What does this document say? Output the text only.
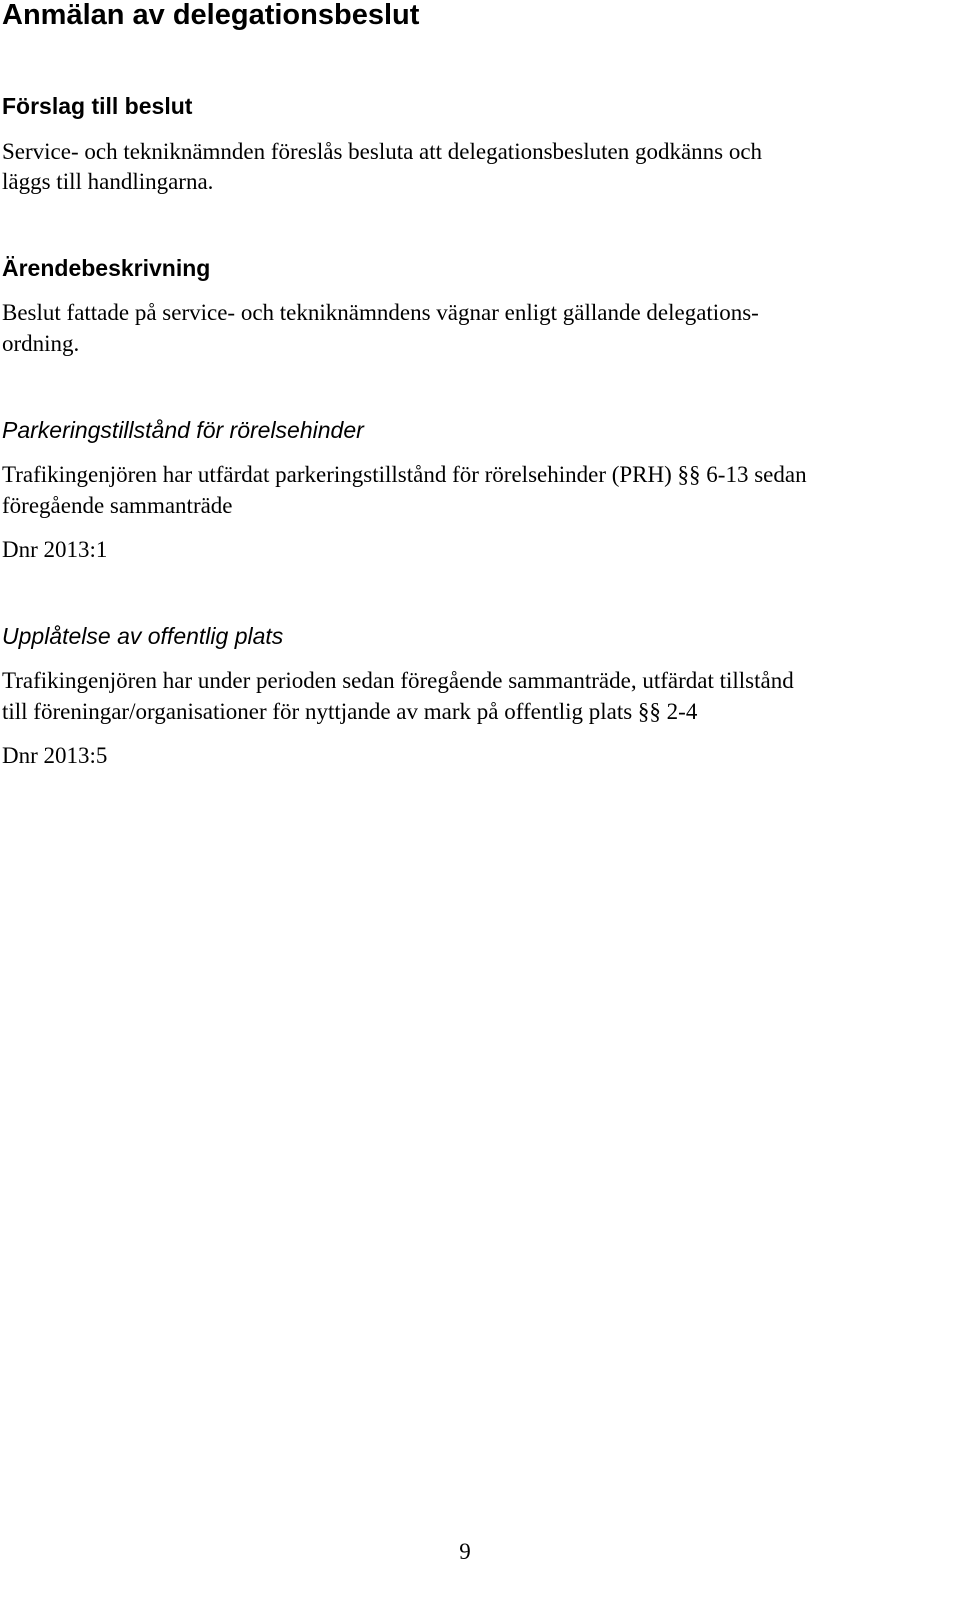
Anmälan av delegationsbeslut
Förslag till beslut

Service- och tekniknämnden föreslås besluta att delegationsbesluten godkänns och

läggs till handlingarna.

Ärendebeskrivning

Beslut fattade på service- och tekniknämndens vägnar enligt gällande delegations-

ordning.

Parkeringstillstånd för rörelsehinder

Trafikingenjören har utfärdat parkeringstillstånd för rörelsehinder (PRH) §§ 6-13 sedan

föregående sammanträde

Dnr 2013:1

Upplåtelse av offentlig plats

Trafikingenjören har under perioden sedan föregående sammanträde, utfärdat tillstånd

till föreningar/organisationer för nyttjande av mark på offentlig plats §§ 2-4

Dnr 2013:5

9
